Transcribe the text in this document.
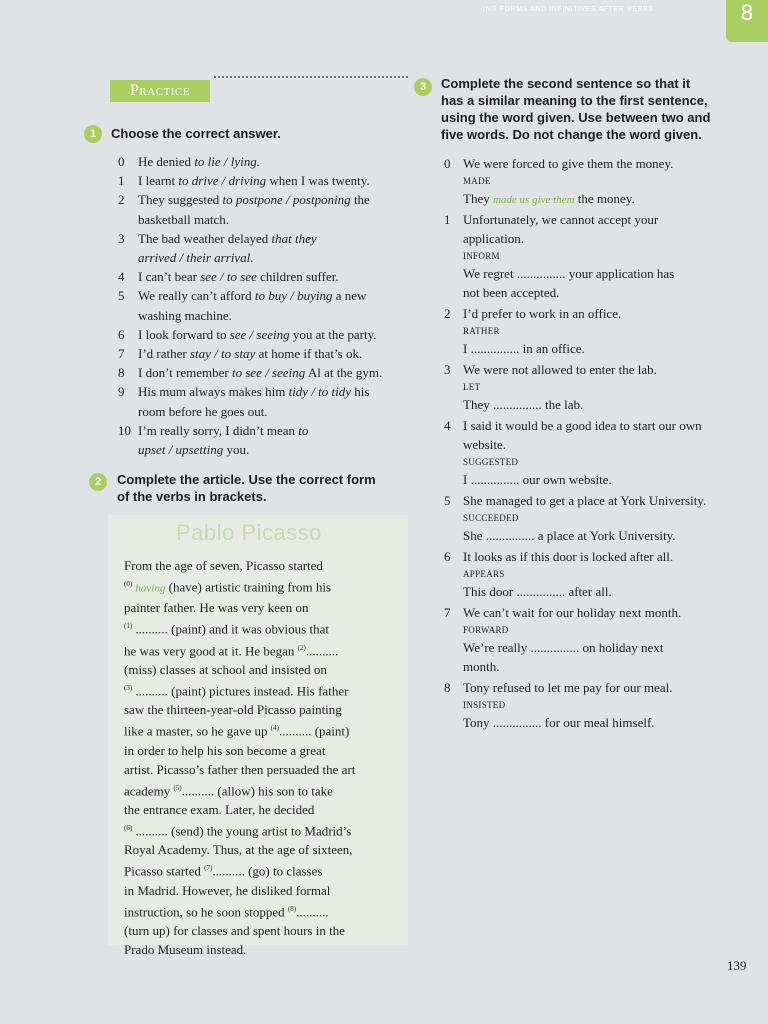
-ING FORMS AND INFINITIVES AFTER VERBS	8
Practice
1	Choose the correct answer.
0	He denied to lie / lying.
1	I learnt to drive / driving when I was twenty.
2	They suggested to postpone / postponing the
basketball match.
3	The bad weather delayed that they
arrived / their arrival.
4	I can’t bear see / to see children suffer.
5	We really can’t afford to buy / buying a new
washing machine.
6	I look forward to see / seeing you at the party.
7	I’d rather stay / to stay at home if that’s ok.
8	I don’t remember to see / seeing Al at the gym.
9	His mum always makes him tidy / to tidy his
room before he goes out.
10 I’m really sorry, I didn’t mean to
upset / upsetting you.
2	Complete the article. Use the correct form
of the verbs in brackets.
Pablo Picasso
From the age of seven, Picasso started
$^{(0)}$ having (have) artistic training from his
painter father. He was very keen on
$^{(1)}$ .......... (paint) and it was obvious that
he was very good at it. He began $^{(2)}$..........
(miss) classes at school and insisted on
$^{(3)}$ .......... (paint) pictures instead. His father
saw the thirteen-year-old Picasso painting
like a master, so he gave up $^{(4)}$.......... (paint)
in order to help his son become a great
artist. Picasso’s father then persuaded the art
academy $^{(5)}$.......... (allow) his son to take
the entrance exam. Later, he decided
$^{(6)}$ .......... (send) the young artist to Madrid’s
Royal Academy. Thus, at the age of sixteen,
Picasso started $^{(7)}$.......... (go) to classes
in Madrid. However, he disliked formal
instruction, so he soon stopped $^{(8)}$..........
(turn up) for classes and spent hours in the
Prado Museum instead.
3	Complete the second sentence so that it
has a similar meaning to the first sentence,
using the word given. Use between two and
five words. Do not change the word given.
0 We were forced to give them the money.
MADE
They made us give them the money.
1 Unfortunately, we cannot accept your
application.
INFORM
We regret ............... your application has
not been accepted.
2 I’d prefer to work in an office.
RATHER
I ............... in an office.
3 We were not allowed to enter the lab.
LET
They ............... the lab.
4 I said it would be a good idea to start our own
website.
SUGGESTED
I ............... our own website.
5 She managed to get a place at York University.
SUCCEEDED
She ............... a place at York University.
6 It looks as if this door is locked after all.
APPEARS
This door ............... after all.
7 We can’t wait for our holiday next month.
FORWARD
We’re really ............... on holiday next
month.
8 Tony refused to let me pay for our meal.
INSISTED
Tony ............... for our meal himself.
139
